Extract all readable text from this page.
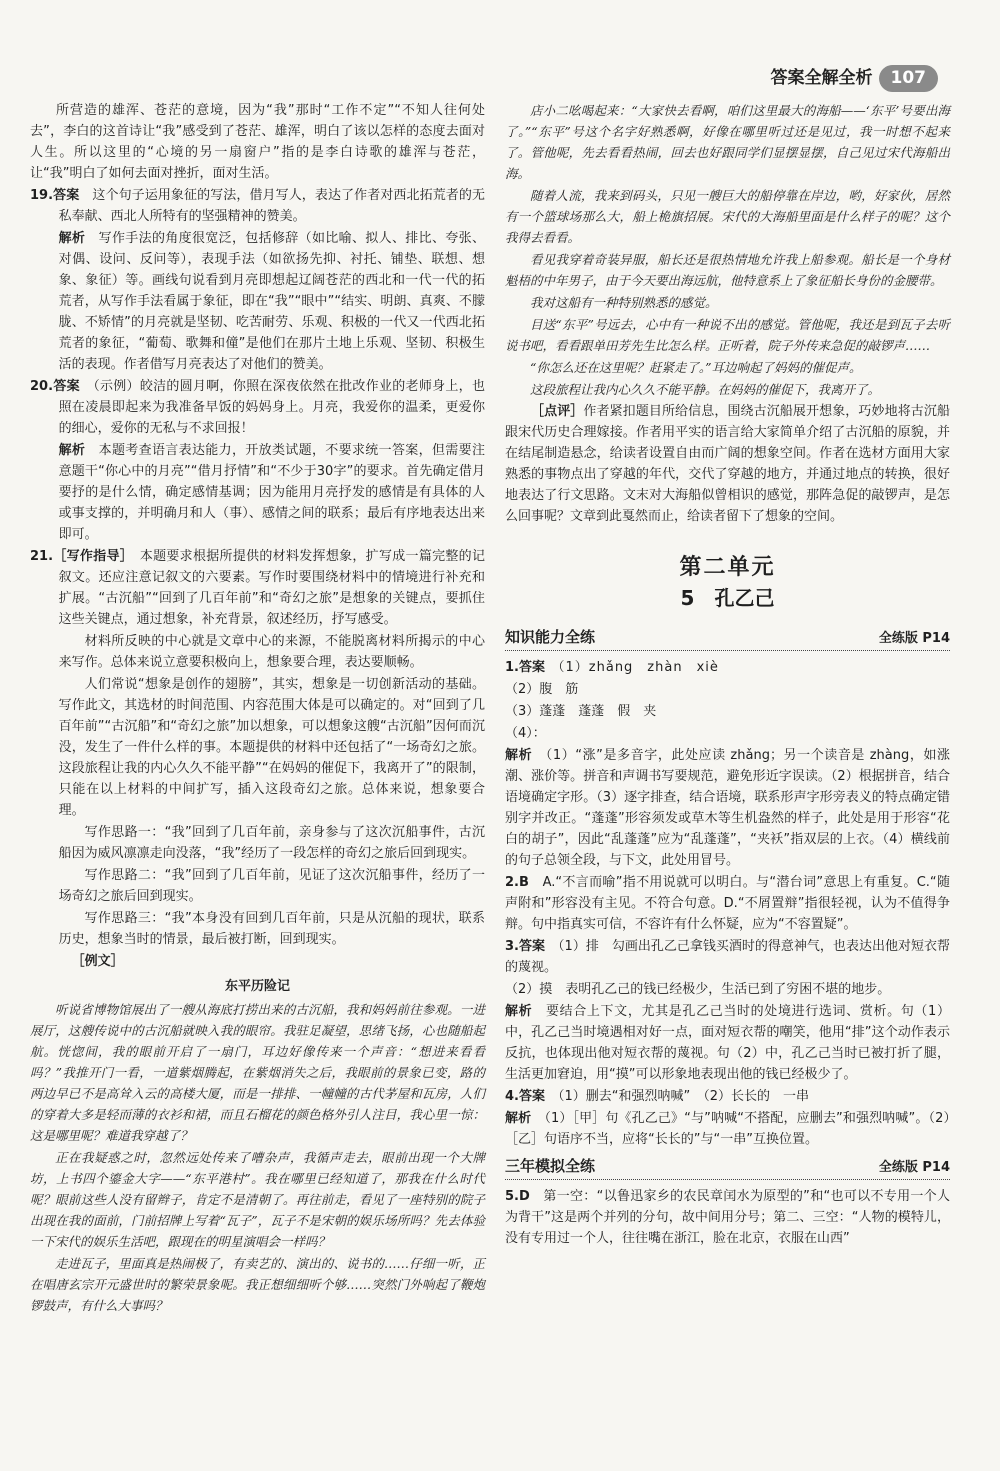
答案全解全析	107

所营造的雄浑、苍茫的意境，因为“我”那时“工作不定”“不知人往何处去”，李白的这首诗让“我”感受到了苍茫、雄浑，明白了该以怎样的态度去面对人生。所以这里的“心境的另一扇窗户”指的是李白诗歌的雄浑与苍茫，让“我”明白了如何去面对挫折，面对生活。

19.答案　 这个句子运用象征的写法，借月写人，表达了作者对西北拓荒者的无私奉献、西北人所特有的坚强精神的赞美。

解析　 写作手法的角度很宽泛，包括修辞（如比喻、拟人、排比、夸张、对偶、设问、反问等），表现手法（如欲扬先抑、衬托、铺垫、联想、想象、象征）等。画线句说看到月亮即想起辽阔苍茫的西北和一代一代的拓荒者，从写作手法看属于象征，即在“我”“眼中”“结实、明朗、真爽、不朦胧、不矫情”的月亮就是坚韧、吃苦耐劳、乐观、积极的一代又一代西北拓荒者的象征，“葡萄、歌舞和僮”是他们在那片土地上乐观、坚韧、积极生活的表现。作者借写月亮表达了对他们的赞美。

20.答案　 （示例）皎洁的圆月啊，你照在深夜依然在批改作业的老师身上，也照在凌晨即起来为我准备早饭的妈妈身上。月亮，我爱你的温柔，更爱你的细心，爱你的无私与不求回报！

解析　 本题考查语言表达能力，开放类试题，不要求统一答案，但需要注意题干“你心中的月亮”“借月抒情”和“不少于30字”的要求。首先确定借月要抒的是什么情，确定感情基调；因为能用月亮抒发的感情是有具体的人或事支撑的，并明确月和人（事）、感情之间的联系；最后有序地表达出来即可。

21.［写作指导］　 本题要求根据所提供的材料发挥想象，扩写成一篇完整的记叙文。还应注意记叙文的六要素。写作时要围绕材料中的情境进行补充和扩展。“古沉船”“回到了几百年前”和“奇幻之旅”是想象的关键点，要抓住这些关键点，通过想象，补充背景，叙述经历，抒写感受。

材料所反映的中心就是文章中心的来源，不能脱离材料所揭示的中心来写作。总体来说立意要积极向上，想象要合理，表达要顺畅。

人们常说“想象是创作的翅膀”，其实，想象是一切创新活动的基础。写作此文，其选材的时间范围、内容范围大体是可以确定的。对“回到了几百年前”“古沉船”和“奇幻之旅”加以想象，可以想象这艘“古沉船”因何而沉没，发生了一件什么样的事。本题提供的材料中还包括了“一场奇幻之旅。这段旅程让我的内心久久不能平静”“在妈妈的催促下，我离开了”的限制，只能在以上材料的中间扩写，插入这段奇幻之旅。总体来说，想象要合理。

写作思路一：“我”回到了几百年前，亲身参与了这次沉船事件，古沉船因为威风凛凛走向没落，“我”经历了一段怎样的奇幻之旅后回到现实。

写作思路二：“我”回到了几百年前，见证了这次沉船事件，经历了一场奇幻之旅后回到现实。

写作思路三：“我”本身没有回到几百年前，只是从沉船的现状，联系历史，想象当时的情景，最后被打断，回到现实。

［例文］

东平历险记

听说省博物馆展出了一艘从海底打捞出来的古沉船，我和妈妈前往参观。一进展厅，这艘传说中的古沉船就映入我的眼帘。我驻足凝望，思绪飞扬，心也随船起航。恍惚间，我的眼前开启了一扇门，耳边好像传来一个声音：“想进来看看吗？”我推开门一看，一道紫烟腾起，在紫烟消失之后，我眼前的景象已变，路的两边早已不是高耸入云的高楼大厦，而是一排排、一幢幢的古代茅屋和瓦房，人们的穿着大多是轻而薄的衣衫和裙，而且石榴花的颜色格外引人注目，我心里一惊：这是哪里呢？难道我穿越了？

正在我疑惑之时，忽然远处传来了嘈杂声，我循声走去，眼前出现一个大牌坊，上书四个鎏金大字——“东平港村”。我在哪里已经知道了，那我在什么时代呢？眼前这些人没有留辫子，肯定不是清朝了。再往前走，看见了一座特别的院子出现在我的面前，门前招牌上写着“瓦子”，瓦子不是宋朝的娱乐场所吗？先去体验一下宋代的娱乐生活吧，跟现在的明星演唱会一样吗？

走进瓦子，里面真是热闹极了，有卖艺的、演出的、说书的……仔细一听，正在唱唐玄宗开元盛世时的繁荣景象呢。我正想细细听个够……突然门外响起了鞭炮锣鼓声，有什么大事吗？

店小二吆喝起来：“大家快去看啊，咱们这里最大的海船——‘东平’号要出海了。”“东平”号这个名字好熟悉啊，好像在哪里听过还是见过，我一时想不起来了。管他呢，先去看看热闹，回去也好跟同学们显摆显摆，自己见过宋代海船出海。

随着人流，我来到码头，只见一艘巨大的船停靠在岸边，哟，好家伙，居然有一个篮球场那么大，船上桅旗招展。宋代的大海船里面是什么样子的呢？这个我得去看看。

看见我穿着奇装异服，船长还是很热情地允许我上船参观。船长是一个身材魁梧的中年男子，由于今天要出海远航，他特意系上了象征船长身份的金腰带。

我对这船有一种特别熟悉的感觉。

目送“东平”号远去，心中有一种说不出的感觉。管他呢，我还是到瓦子去听说书吧，看看跟单田芳先生比怎么样。正听着，院子外传来急促的敲锣声……

“你怎么还在这里呢？赶紧走了。”耳边响起了妈妈的催促声。

这段旅程让我内心久久不能平静。在妈妈的催促下，我离开了。

［点评］作者紧扣题目所给信息，围绕古沉船展开想象，巧妙地将古沉船跟宋代历史合理嫁接。作者用平实的语言给大家简单介绍了古沉船的原貌，并在结尾制造悬念，给读者设置自由而广阔的想象空间。作者在选材方面用大家熟悉的事物点出了穿越的年代，交代了穿越的地方，并通过地点的转换，很好地表达了行文思路。文末对大海船似曾相识的感觉，那阵急促的敲锣声，是怎么回事呢？文章到此戛然而止，给读者留下了想象的空间。

第二单元
5　孔乙己
知识能力全练	全练版 P14

1.答案　 （1）zhǎng　zhàn　xiè

（2）腹　筋

（3）蓬蓬　蓬蓬　假　夹

（4）：

解析　 （1）“涨”是多音字，此处应读 zhǎng；另一个读音是 zhàng，如涨潮、涨价等。拼音和声调书写要规范，避免形近字误读。（2）根据拼音，结合语境确定字形。（3）逐字排查，结合语境，联系形声字形旁表义的特点确定错别字并改正。“蓬蓬”形容须发或草木等生机盎然的样子，此处是用于形容“花白的胡子”，因此“乱蓬蓬”应为“乱蓬蓬”，“夹袄”指双层的上衣。（4）横线前的句子总领全段，与下文，此处用冒号。

2.B　 A.“不言而喻”指不用说就可以明白。与“潜台词”意思上有重复。C.“随声附和”形容没有主见。不符合句意。D.“不屑置辩”指很轻视，认为不值得争辩。句中指真实可信，不容许有什么怀疑，应为“不容置疑”。

3.答案　 （1）排　勾画出孔乙己拿钱买酒时的得意神气，也表达出他对短衣帮的蔑视。

（2）摸　表明孔乙己的钱已经极少，生活已到了穷困不堪的地步。

解析　 要结合上下文，尤其是孔乙己当时的处境进行选词、赏析。句（1）中，孔乙己当时境遇相对好一点，面对短衣帮的嘲笑，他用“排”这个动作表示反抗，也体现出他对短衣帮的蔑视。句（2）中，孔乙己当时已被打折了腿，生活更加窘迫，用“摸”可以形象地表现出他的钱已经极少了。

4.答案　 （1）删去“和强烈呐喊”　（2）长长的　一串

解析　 （1）［甲］句《孔乙己》“与”呐喊“不搭配，应删去”和强烈呐喊”。（2）［乙］句语序不当，应将“长长的”与“一串”互换位置。

三年模拟全练	全练版 P14

5.D　 第一空：“以鲁迅家乡的农民章闰水为原型的”和“也可以不专用一个人为背干”这是两个并列的分句，故中间用分号；第二、三空：“人物的模特儿，没有专用过一个人，往往嘴在浙江，脸在北京，衣服在山西”
